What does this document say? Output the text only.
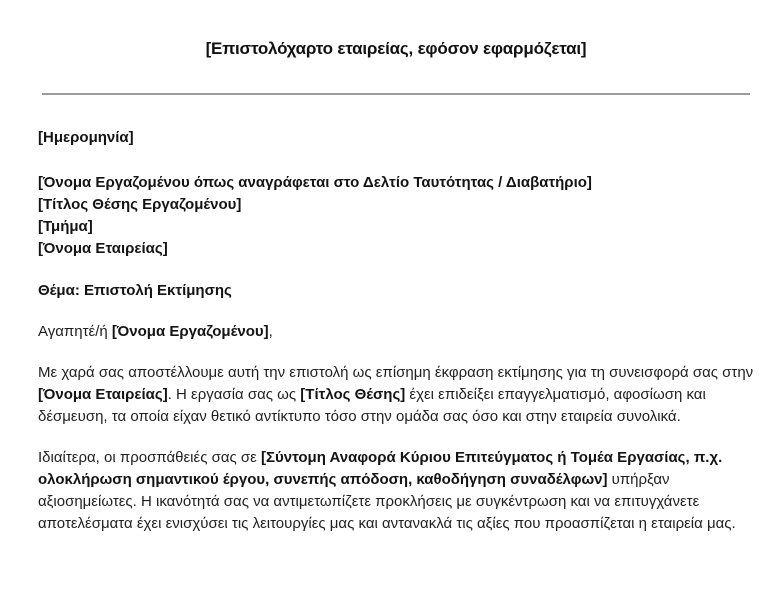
[Επιστολόχαρτο εταιρείας, εφόσον εφαρμόζεται]

[Ημερομηνία]

[Όνομα Εργαζομένου όπως αναγράφεται στο Δελτίο Ταυτότητας / Διαβατήριο]

[Τίτλος Θέσης Εργαζομένου]

[Τμήμα]

[Όνομα Εταιρείας]

Θέμα: Επιστολή Εκτίμησης

Αγαπητέ/ή [Όνομα Εργαζομένου],

Με χαρά σας αποστέλλουμε αυτή την επιστολή ως επίσημη έκφραση εκτίμησης για τη συνεισφορά σας στην [Όνομα Εταιρείας]. Η εργασία σας ως [Τίτλος Θέσης] έχει επιδείξει επαγγελματισμό, αφοσίωση και δέσμευση, τα οποία είχαν θετικό αντίκτυπο τόσο στην ομάδα σας όσο και στην εταιρεία συνολικά.

Ιδιαίτερα, οι προσπάθειές σας σε [Σύντομη Αναφορά Κύριου Επιτεύγματος ή Τομέα Εργασίας, π.χ. ολοκλήρωση σημαντικού έργου, συνεπής απόδοση, καθοδήγηση συναδέλφων] υπήρξαν αξιοσημείωτες. Η ικανότητά σας να αντιμετωπίζετε προκλήσεις με συγκέντρωση και να επιτυγχάνετε αποτελέσματα έχει ενισχύσει τις λειτουργίες μας και αντανακλά τις αξίες που προασπίζεται η εταιρεία μας.
